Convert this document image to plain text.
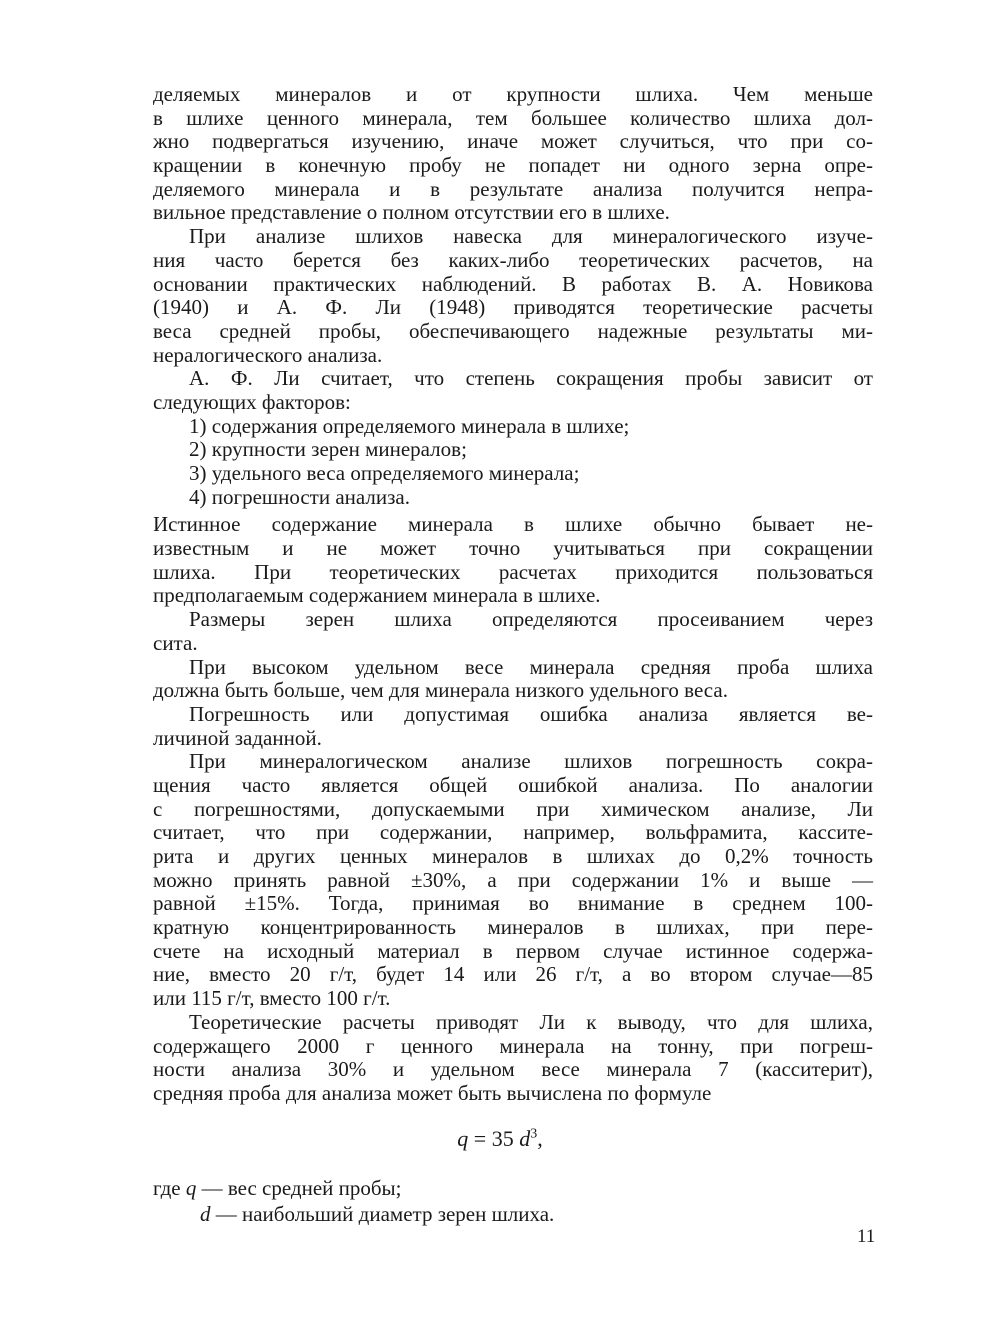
деляемых минералов и от крупности шлиха. Чем меньше
в шлихе ценного минерала, тем большее количество шлиха дол-
жно подвергаться изучению, иначе может случиться, что при со-
кращении в конечную пробу не попадет ни одного зерна опре-
деляемого минерала и в результате анализа получится непра-
вильное представление о полном отсутствии его в шлихе.
При анализе шлихов навеска для минералогического изуче-
ния часто берется без каких-либо теоретических расчетов, на
основании практических наблюдений. В работах В. А. Новикова
(1940) и А. Ф. Ли (1948) приводятся теоретические расчеты
веса средней пробы, обеспечивающего надежные результаты ми-
нералогического анализа.
А. Ф. Ли считает, что степень сокращения пробы зависит от
следующих факторов:
1) содержания определяемого минерала в шлихе;
2) крупности зерен минералов;
3) удельного веса определяемого минерала;
4) погрешности анализа.
Истинное содержание минерала в шлихе обычно бывает не-
известным и не может точно учитываться при сокращении
шлиха. При теоретических расчетах приходится пользоваться
предполагаемым содержанием минерала в шлихе.
Размеры зерен шлиха определяются просеиванием через
сита.
При высоком удельном весе минерала средняя проба шлиха
должна быть больше, чем для минерала низкого удельного веса.
Погрешность или допустимая ошибка анализа является ве-
личиной заданной.
При минералогическом анализе шлихов погрешность сокра-
щения часто является общей ошибкой анализа. По аналогии
с погрешностями, допускаемыми при химическом анализе, Ли
считает, что при содержании, например, вольфрамита, кассите-
рита и других ценных минералов в шлихах до 0,2% точность
можно принять равной ±30%, а при содержании 1% и выше —
равной ±15%. Тогда, принимая во внимание в среднем 100-
кратную концентрированность минералов в шлихах, при пере-
счете на исходный материал в первом случае истинное содержа-
ние, вместо 20 г/т, будет 14 или 26 г/т, а во втором случае—85
или 115 г/т, вместо 100 г/т.
Теоретические расчеты приводят Ли к выводу, что для шлиха,
содержащего 2000 г ценного минерала на тонну, при погреш-
ности анализа 30% и удельном весе минерала 7 (касситерит),
средняя проба для анализа может быть вычислена по формуле
q = 35 $d^3$,
где q — вес средней пробы;
d — наибольший диаметр зерен шлиха.
11
